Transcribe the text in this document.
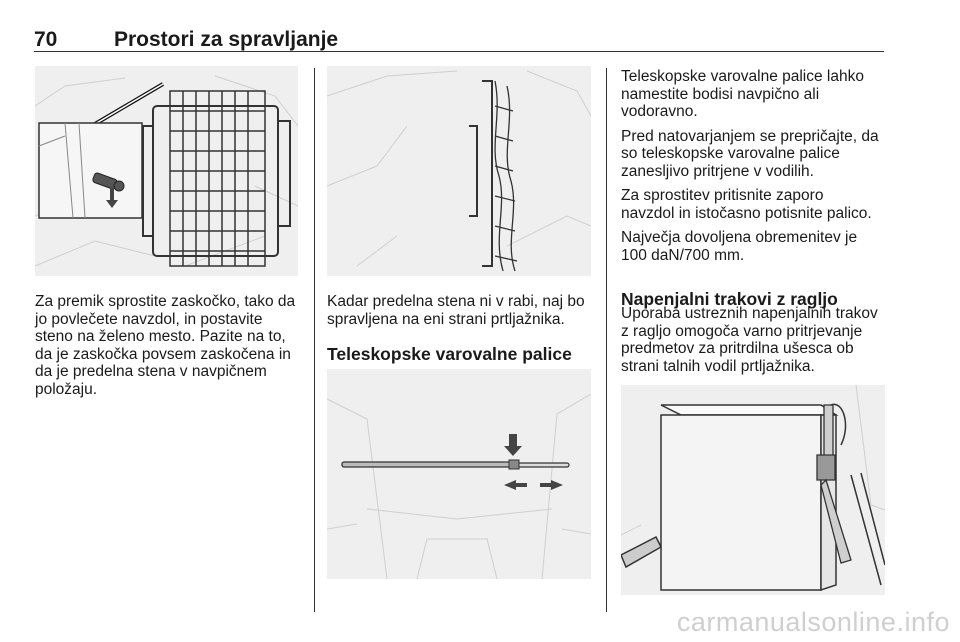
70	Prostori za spravljanje
Za premik sprostite zaskočko, tako da
jo povlečete navzdol, in postavite
steno na želeno mesto. Pazite na to,
da je zaskočka povsem zaskočena in
da je predelna stena v navpičnem
položaju.
Kadar predelna stena ni v rabi, naj bo
spravljena na eni strani prtljažnika.
Teleskopske varovalne palice
Teleskopske varovalne palice lahko
namestite bodisi navpično ali
vodoravno.
Pred natovarjanjem se prepričajte, da
so teleskopske varovalne palice
zanesljivo pritrjene v vodilih.
Za sprostitev pritisnite zaporo
navzdol in istočasno potisnite palico.
Največja dovoljena obremenitev je
100 daN/700 mm.
Napenjalni trakovi z ragljo
Uporaba ustreznih napenjalnih trakov
z ragljo omogoča varno pritrjevanje
predmetov za pritrdilna ušesca ob
strani talnih vodil prtljažnika.
carmanualsonline.info
